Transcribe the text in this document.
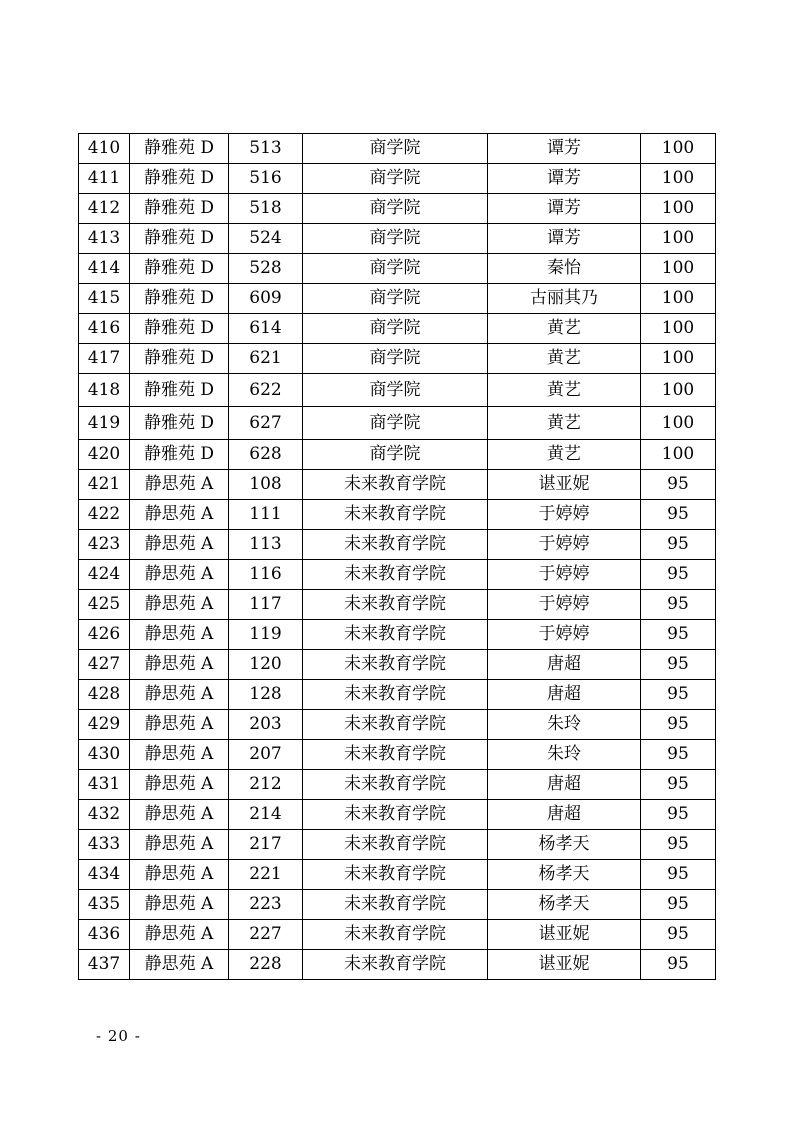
410	静雅苑 D	513	商学院	谭芳	100
411	静雅苑 D	516	商学院	谭芳	100
412	静雅苑 D	518	商学院	谭芳	100
413	静雅苑 D	524	商学院	谭芳	100
414	静雅苑 D	528	商学院	秦怡	100
415	静雅苑 D	609	商学院	古丽其乃	100
416	静雅苑 D	614	商学院	黄艺	100
417	静雅苑 D	621	商学院	黄艺	100
418	静雅苑 D	622	商学院	黄艺	100
419	静雅苑 D	627	商学院	黄艺	100
420	静雅苑 D	628	商学院	黄艺	100
421	静思苑 A	108	未来教育学院	谌亚妮	95
422	静思苑 A	111	未来教育学院	于婷婷	95
423	静思苑 A	113	未来教育学院	于婷婷	95
424	静思苑 A	116	未来教育学院	于婷婷	95
425	静思苑 A	117	未来教育学院	于婷婷	95
426	静思苑 A	119	未来教育学院	于婷婷	95
427	静思苑 A	120	未来教育学院	唐超	95
428	静思苑 A	128	未来教育学院	唐超	95
429	静思苑 A	203	未来教育学院	朱玲	95
430	静思苑 A	207	未来教育学院	朱玲	95
431	静思苑 A	212	未来教育学院	唐超	95
432	静思苑 A	214	未来教育学院	唐超	95
433	静思苑 A	217	未来教育学院	杨孝天	95
434	静思苑 A	221	未来教育学院	杨孝天	95
435	静思苑 A	223	未来教育学院	杨孝天	95
436	静思苑 A	227	未来教育学院	谌亚妮	95
437	静思苑 A	228	未来教育学院	谌亚妮	95
- 20 -
